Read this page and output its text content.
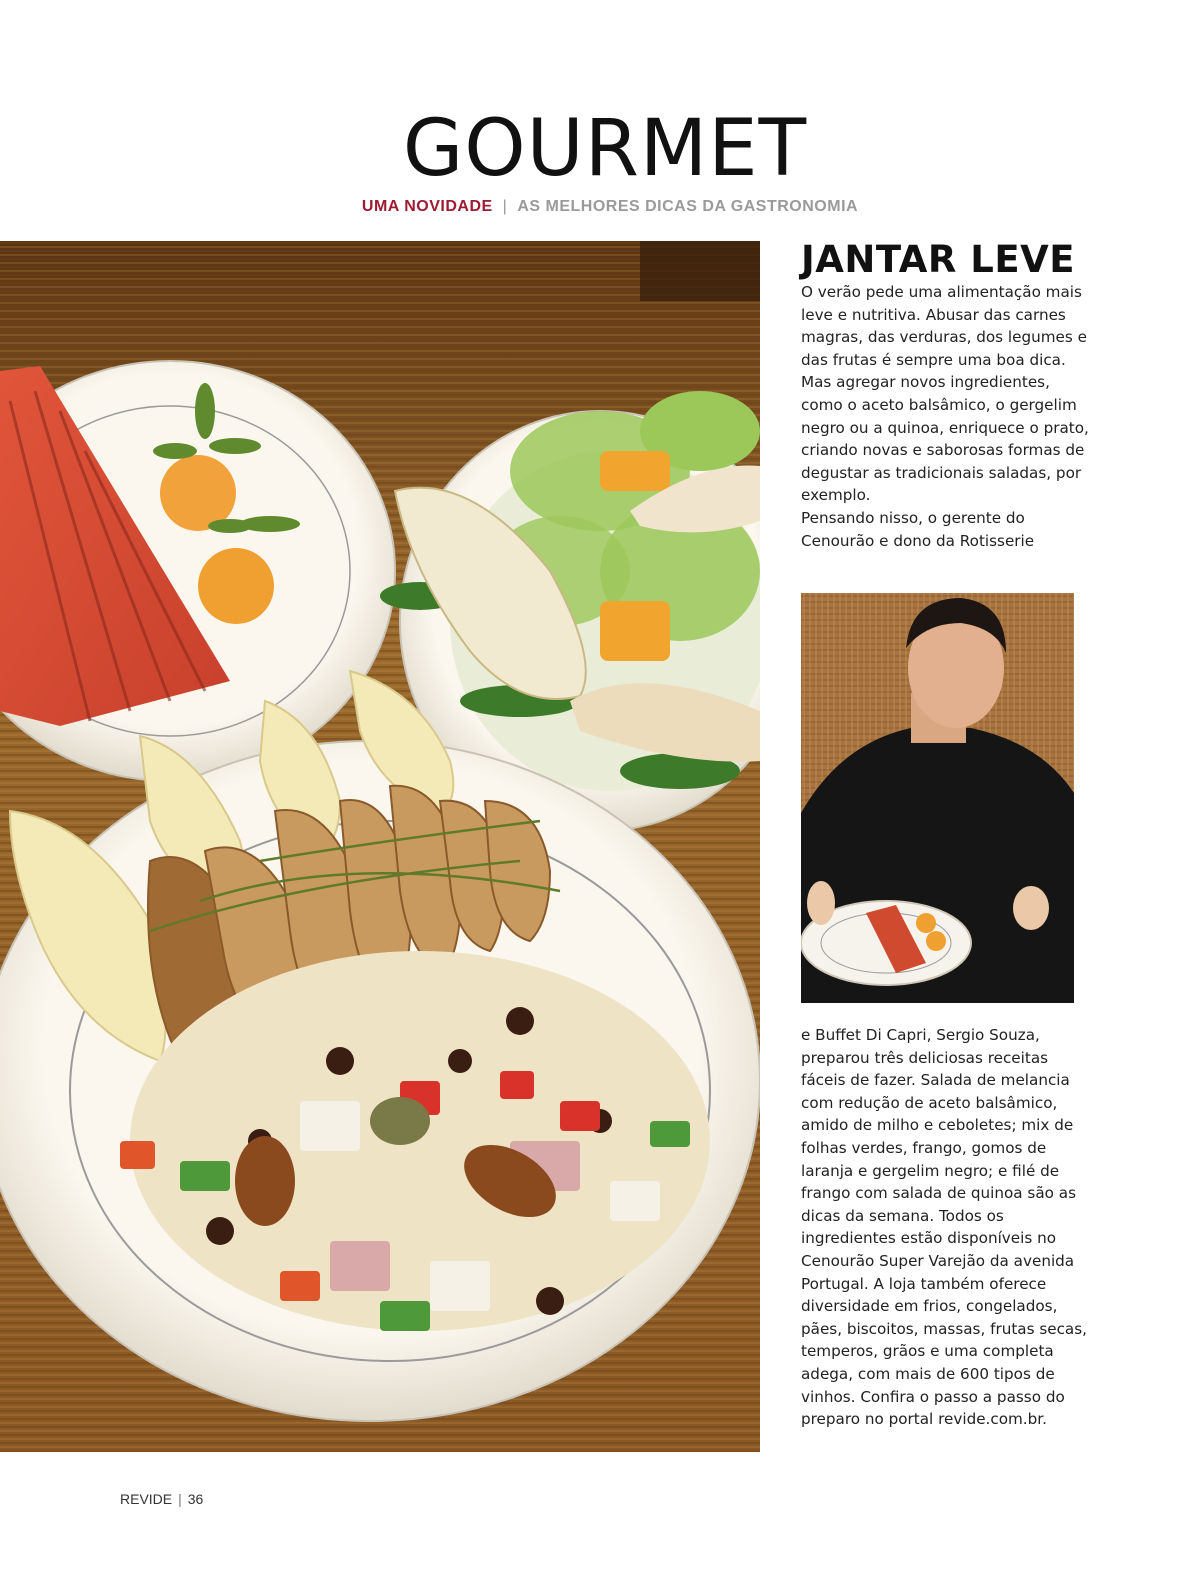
GOURMET
UMA NOVIDADE | AS MELHORES DICAS DA GASTRONOMIA
JANTAR LEVE

O verão pede uma alimentação mais leve e nutritiva. Abusar das carnes magras, das verduras, dos legumes e das frutas é sempre uma boa dica. Mas agregar novos ingredientes, como o aceto balsâmico, o gergelim negro ou a quinoa, enriquece o prato, criando novas e saborosas formas de degustar as tradicionais saladas, por exemplo.

Pensando nisso, o gerente do Cenourão e dono da Rotisserie

e Buffet Di Capri, Sergio Souza, preparou três deliciosas receitas fáceis de fazer. Salada de melancia com redução de aceto balsâmico, amido de milho e ceboletes; mix de folhas verdes, frango, gomos de laranja e gergelim negro; e filé de frango com salada de quinoa são as dicas da semana. Todos os ingredientes estão disponíveis no Cenourão Super Varejão da avenida Portugal. A loja também oferece diversidade em frios, congelados, pães, biscoitos, massas, frutas secas, temperos, grãos e uma completa adega, com mais de 600 tipos de vinhos. Confira o passo a passo do preparo no portal revide.com.br.

REVIDE | 36
